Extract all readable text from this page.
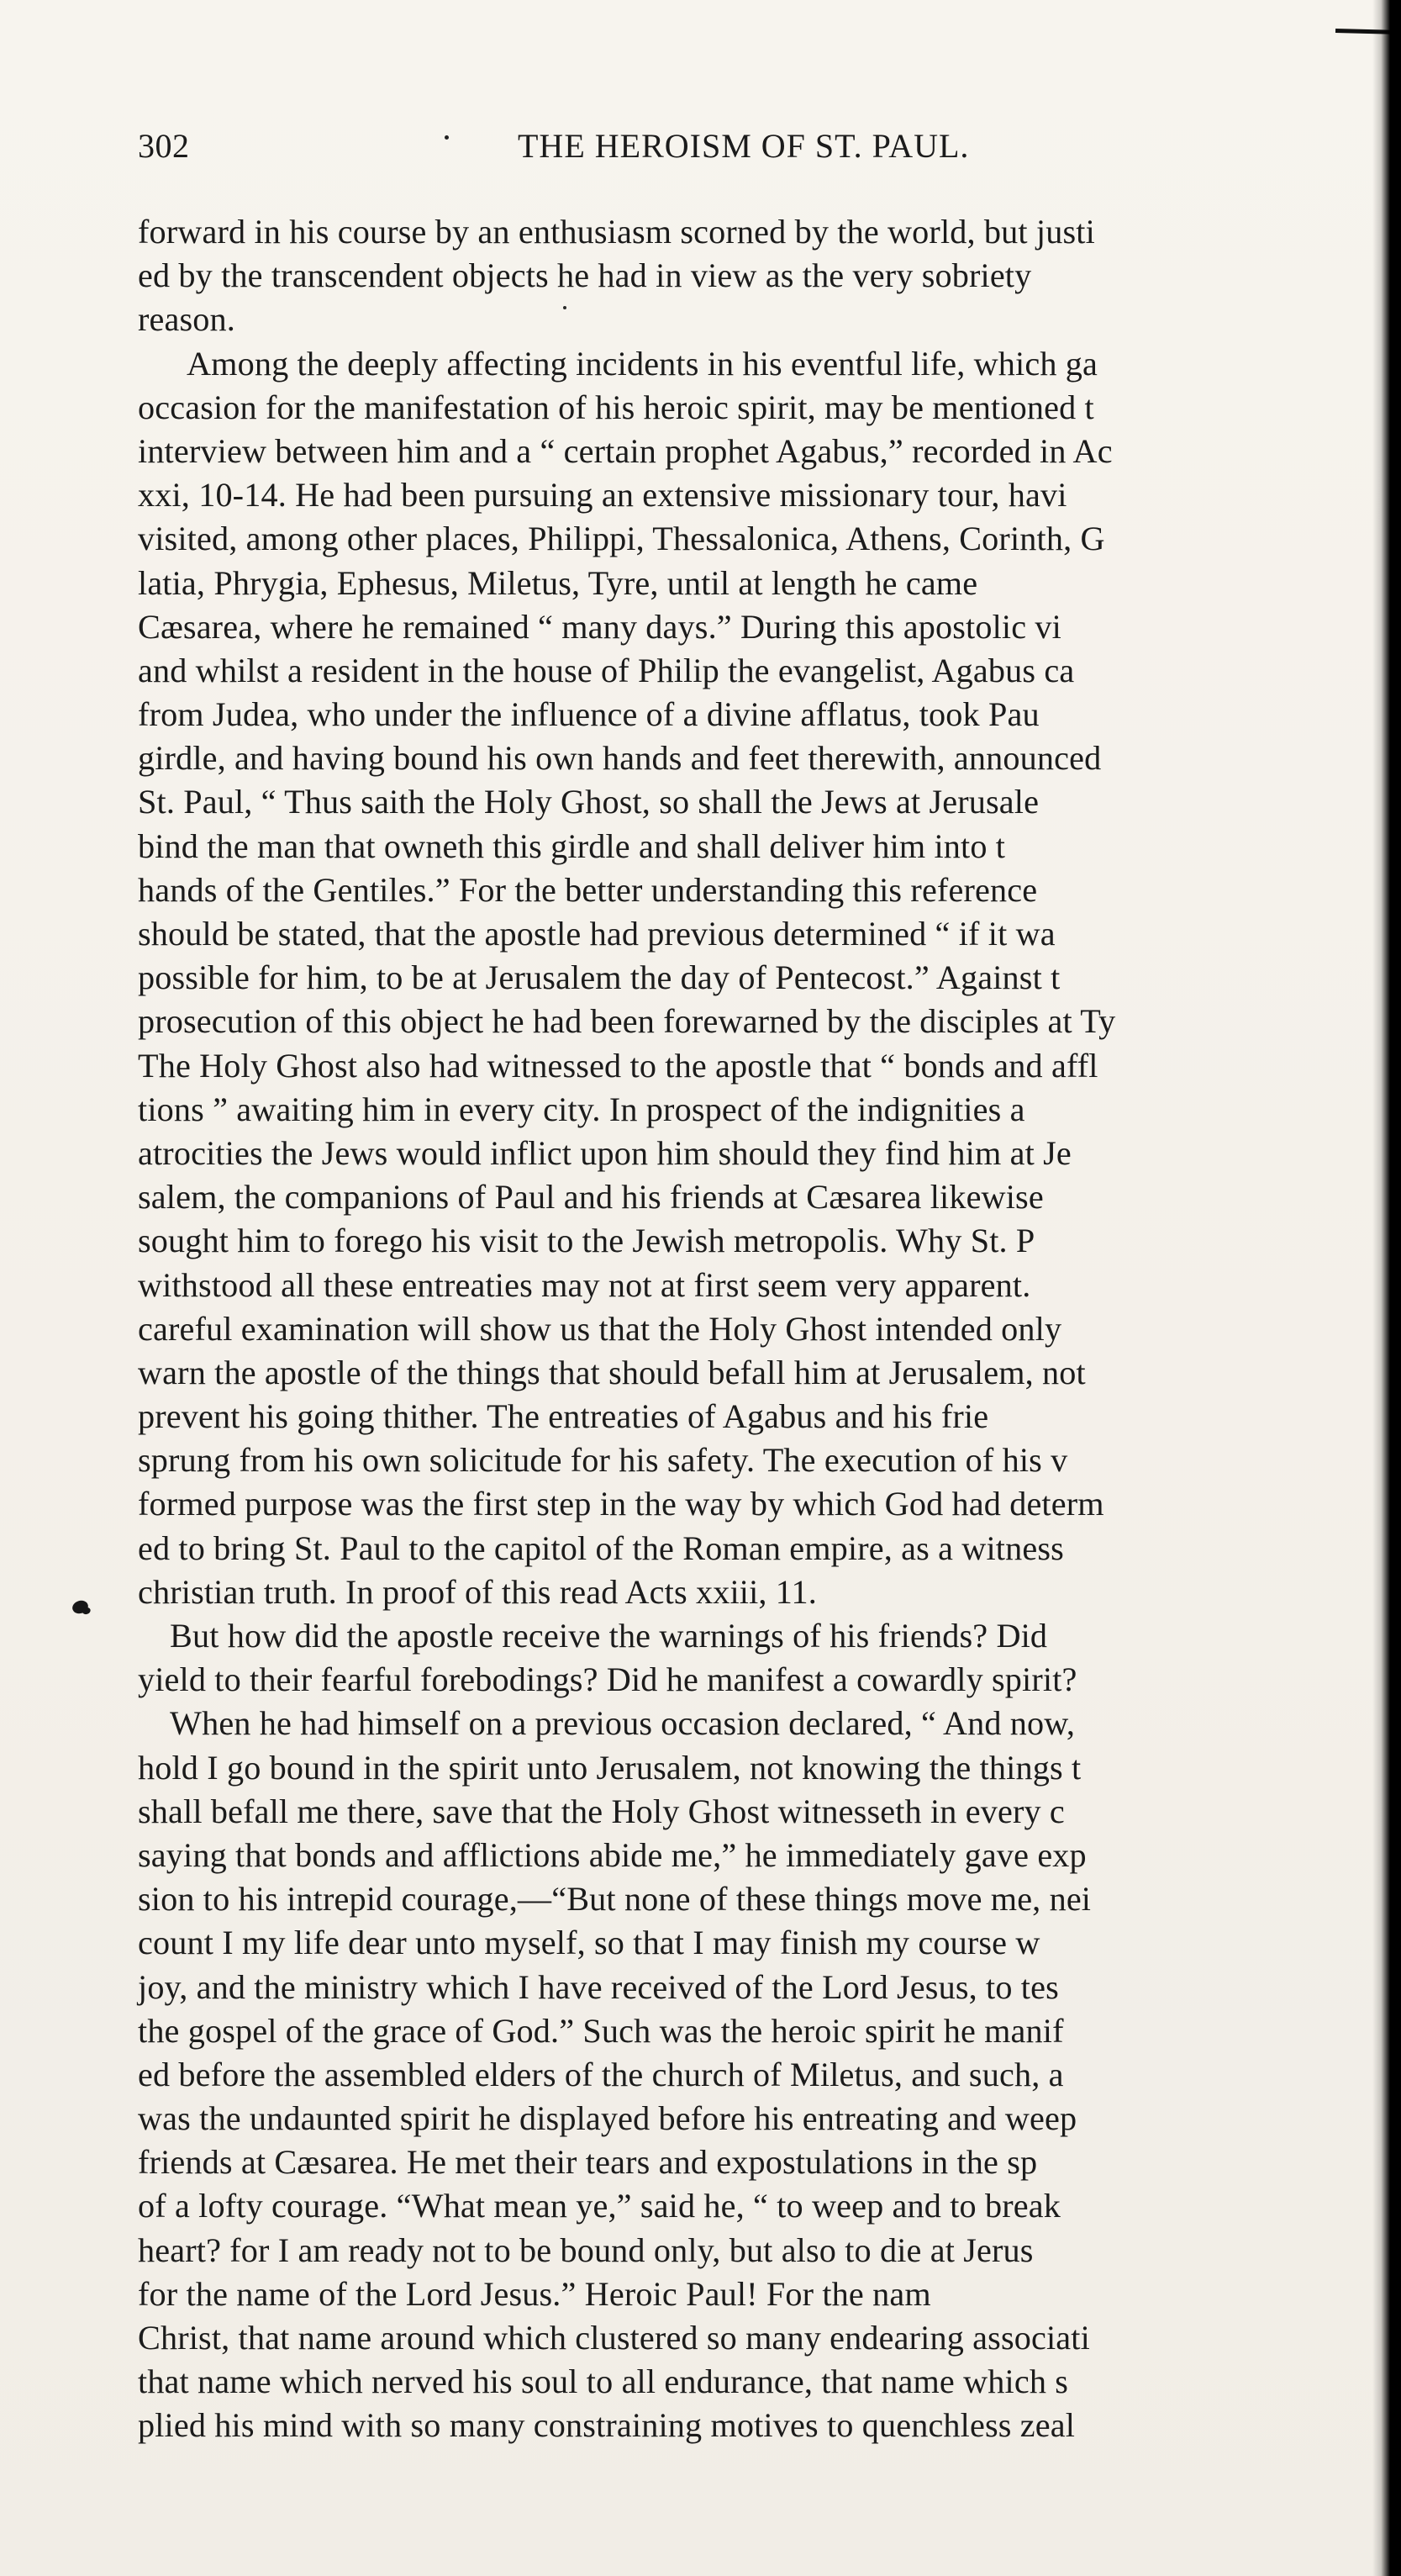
302	THE HEROISM OF ST. PAUL.
forward in his course by an enthusiasm scorned by the world, but justi
ed by the transcendent objects he had in view as the very sobriety
reason.
Among the deeply affecting incidents in his eventful life, which ga
occasion for the manifestation of his heroic spirit, may be mentioned t
interview between him and a “ certain prophet Agabus,” recorded in Ac
xxi, 10-14. He had been pursuing an extensive missionary tour, havi
visited, among other places, Philippi, Thessalonica, Athens, Corinth, G
latia, Phrygia, Ephesus, Miletus, Tyre, until at length he came
Cæsarea, where he remained “ many days.” During this apostolic vi
and whilst a resident in the house of Philip the evangelist, Agabus ca
from Judea, who under the influence of a divine afflatus, took Pau
girdle, and having bound his own hands and feet therewith, announced
St. Paul, “ Thus saith the Holy Ghost, so shall the Jews at Jerusale
bind the man that owneth this girdle and shall deliver him into t
hands of the Gentiles.” For the better understanding this reference
should be stated, that the apostle had previous determined “ if it wa
possible for him, to be at Jerusalem the day of Pentecost.” Against t
prosecution of this object he had been forewarned by the disciples at Ty
The Holy Ghost also had witnessed to the apostle that “ bonds and affl
tions ” awaiting him in every city. In prospect of the indignities a
atrocities the Jews would inflict upon him should they find him at Je
salem, the companions of Paul and his friends at Cæsarea likewise
sought him to forego his visit to the Jewish metropolis. Why St. P
withstood all these entreaties may not at first seem very apparent.
careful examination will show us that the Holy Ghost intended only
warn the apostle of the things that should befall him at Jerusalem, not
prevent his going thither. The entreaties of Agabus and his frie
sprung from his own solicitude for his safety. The execution of his v
formed purpose was the first step in the way by which God had determ
ed to bring St. Paul to the capitol of the Roman empire, as a witness
christian truth. In proof of this read Acts xxiii, 11.
But how did the apostle receive the warnings of his friends? Did
yield to their fearful forebodings? Did he manifest a cowardly spirit?
When he had himself on a previous occasion declared, “ And now,
hold I go bound in the spirit unto Jerusalem, not knowing the things t
shall befall me there, save that the Holy Ghost witnesseth in every c
saying that bonds and afflictions abide me,” he immediately gave exp
sion to his intrepid courage,—“But none of these things move me, nei
count I my life dear unto myself, so that I may finish my course w
joy, and the ministry which I have received of the Lord Jesus, to tes
the gospel of the grace of God.” Such was the heroic spirit he manif
ed before the assembled elders of the church of Miletus, and such, a
was the undaunted spirit he displayed before his entreating and weep
friends at Cæsarea. He met their tears and expostulations in the sp
of a lofty courage. “What mean ye,” said he, “ to weep and to break
heart? for I am ready not to be bound only, but also to die at Jerus
for the name of the Lord Jesus.” Heroic Paul! For the nam
Christ, that name around which clustered so many endearing associati
that name which nerved his soul to all endurance, that name which s
plied his mind with so many constraining motives to quenchless zeal
